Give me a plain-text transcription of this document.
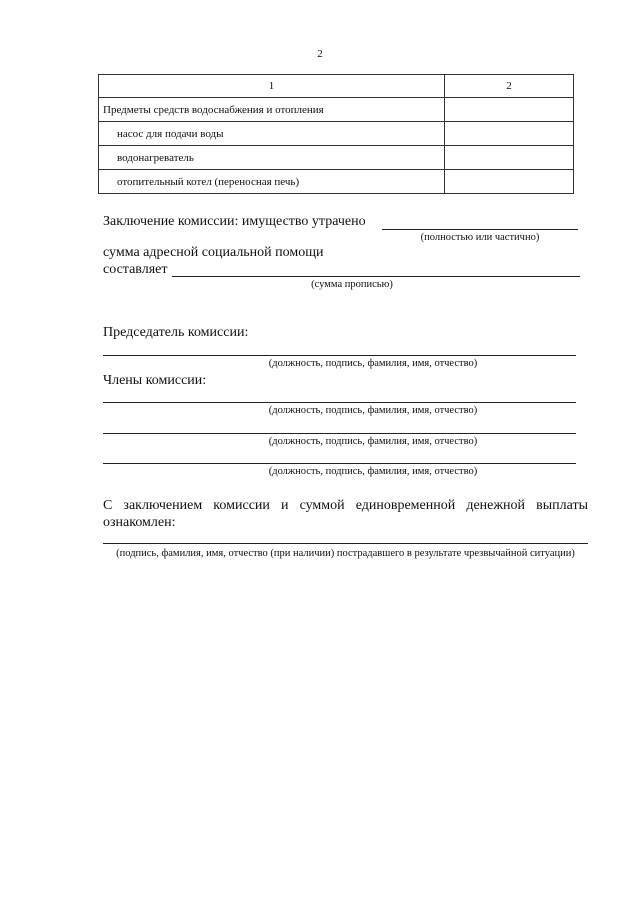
2
1	2
Предметы средств водоснабжения и отопления	
насос для подачи воды	
водонагреватель	
отопительный котел (переносная печь)	
Заключение комиссии: имущество утрачено
(полностью или частично)
сумма адресной социальной помощи
составляет
(сумма прописью)
Председатель комиссии:
(должность, подпись, фамилия, имя, отчество)
Члены комиссии:
(должность, подпись, фамилия, имя, отчество)
(должность, подпись, фамилия, имя, отчество)
(должность, подпись, фамилия, имя, отчество)
С заключением комиссии и суммой единовременной денежной выплаты
ознакомлен:
(подпись, фамилия, имя, отчество (при наличии) пострадавшего в результате чрезвычайной ситуации)
